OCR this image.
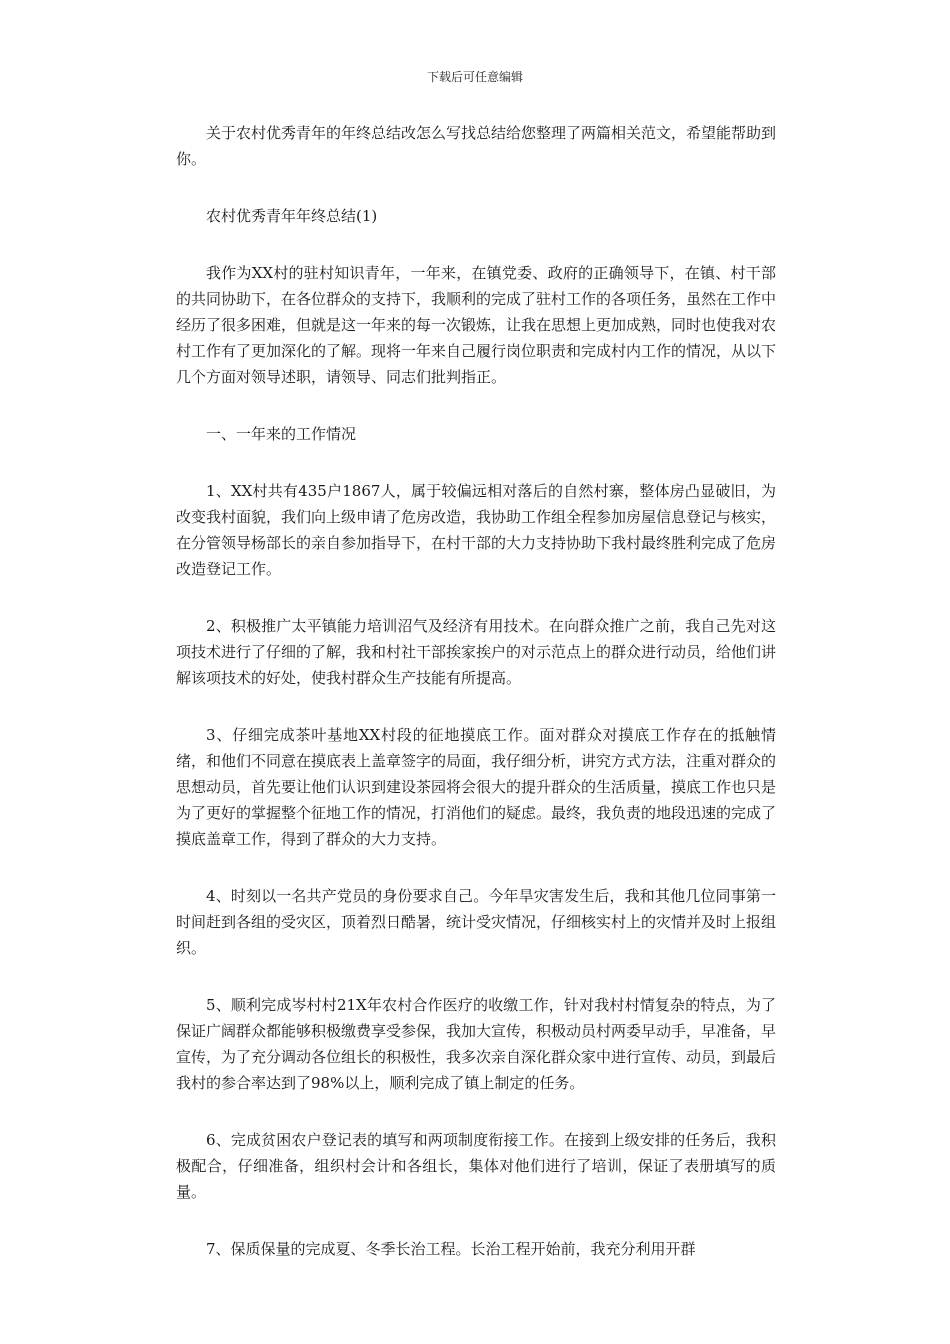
下载后可任意编辑

关于农村优秀青年的年终总结改怎么写找总结给您整理了两篇相关范文，希望能帮助到你。

农村优秀青年年终总结(1)

我作为XX村的驻村知识青年，一年来，在镇党委、政府的正确领导下，在镇、村干部的共同协助下，在各位群众的支持下，我顺利的完成了驻村工作的各项任务，虽然在工作中经历了很多困难，但就是这一年来的每一次锻炼，让我在思想上更加成熟，同时也使我对农村工作有了更加深化的了解。现将一年来自己履行岗位职责和完成村内工作的情况，从以下几个方面对领导述职，请领导、同志们批判指正。

一、一年来的工作情况

1、XX村共有435户1867人，属于较偏远相对落后的自然村寨，整体房凸显破旧，为改变我村面貌，我们向上级申请了危房改造，我协助工作组全程参加房屋信息登记与核实，在分管领导杨部长的亲自参加指导下，在村干部的大力支持协助下我村最终胜利完成了危房改造登记工作。

2、积极推广太平镇能力培训沼气及经济有用技术。在向群众推广之前，我自己先对这项技术进行了仔细的了解，我和村社干部挨家挨户的对示范点上的群众进行动员，给他们讲解该项技术的好处，使我村群众生产技能有所提高。

3、仔细完成茶叶基地XX村段的征地摸底工作。面对群众对摸底工作存在的抵触情绪，和他们不同意在摸底表上盖章签字的局面，我仔细分析，讲究方式方法，注重对群众的思想动员，首先要让他们认识到建设茶园将会很大的提升群众的生活质量，摸底工作也只是为了更好的掌握整个征地工作的情况，打消他们的疑虑。最终，我负责的地段迅速的完成了摸底盖章工作，得到了群众的大力支持。

4、时刻以一名共产党员的身份要求自己。今年旱灾害发生后，我和其他几位同事第一时间赶到各组的受灾区，顶着烈日酷暑，统计受灾情况，仔细核实村上的灾情并及时上报组织。

5、顺利完成岑村村21X年农村合作医疗的收缴工作，针对我村村情复杂的特点，为了保证广阔群众都能够积极缴费享受参保，我加大宣传，积极动员村两委早动手，早准备，早宣传，为了充分调动各位组长的积极性，我多次亲自深化群众家中进行宣传、动员，到最后我村的参合率达到了98%以上，顺利完成了镇上制定的任务。

6、完成贫困农户登记表的填写和两项制度衔接工作。在接到上级安排的任务后，我积极配合，仔细准备，组织村会计和各组长，集体对他们进行了培训，保证了表册填写的质量。

7、保质保量的完成夏、冬季长治工程。长治工程开始前，我充分利用开群
